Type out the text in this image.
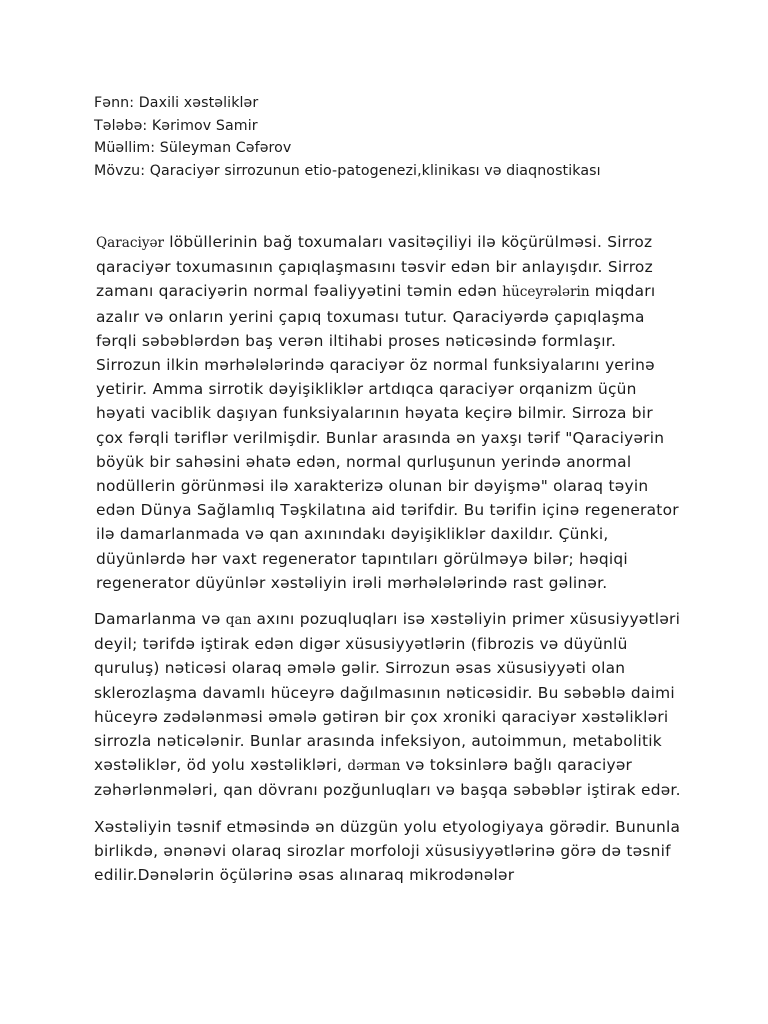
Fənn: Daxili xəstəliklər
Tələbə: Kərimov Samir
Müəllim: Süleyman Cəfərov
Mövzu: Qaraciyər sirrozunun etio-patogenezi,klinikası və diaqnostikası

Qaraciyər löbüllerinin bağ toxumaları vasitəçiliyi ilə köçürülməsi. Sirroz qaraciyər toxumasının çapıqlaşmasını təsvir edən bir anlayışdır. Sirroz zamanı qaraciyərin normal fəaliyyətini təmin edən hüceyrələrin miqdarı azalır və onların yerini çapıq toxuması tutur. Qaraciyərdə çapıqlaşma fərqli səbəblərdən baş verən iltihabi proses nəticəsində formlaşır. Sirrozun ilkin mərhələlərində qaraciyər öz normal funksiyalarını yerinə yetirir. Amma sirrotik dəyişikliklər artdıqca qaraciyər orqanizm üçün həyati vaciblik daşıyan funksiyalarının həyata keçirə bilmir. Sirroza bir çox fərqli təriflər verilmişdir. Bunlar arasında ən yaxşı tərif "Qaraciyərin böyük bir sahəsini əhatə edən, normal qurluşunun yerində anormal nodüllerin görünməsi ilə xarakterizə olunan bir dəyişmə" olaraq təyin edən Dünya Sağlamlıq Təşkilatına aid tərifdir. Bu tərifin içinə regenerator ilə damarlanmada və qan axınındakı dəyişikliklər daxildır. Çünki, düyünlərdə hər vaxt regenerator tapıntıları görülməyə bilər; həqiqi regenerator düyünlər xəstəliyin irəli mərhələlərində rast gəlinər.

Damarlanma və qan axını pozuqluqları isə xəstəliyin primer xüsusiyyətləri deyil; tərifdə iştirak edən digər xüsusiyyətlərin (fibrozis və düyünlü quruluş) nəticəsi olaraq əmələ gəlir. Sirrozun əsas xüsusiyyəti olan sklerozlaşma davamlı hüceyrə dağılmasının nəticəsidir. Bu səbəblə daimi hüceyrə zədələnməsi əmələ gətirən bir çox xroniki qaraciyər xəstəlikləri sirrozla nəticələnir. Bunlar arasında infeksiyon, autoimmun, metabolitik xəstəliklər, öd yolu xəstəlikləri, dərman və toksinlərə bağlı qaraciyər zəhərlənmələri, qan dövranı pozğunluqları və başqa səbəblər iştirak edər.

Xəstəliyin təsnif etməsində ən düzgün yolu etyologiyaya görədir. Bununla birlikdə, ənənəvi olaraq sirozlar morfoloji xüsusiyyətlərinə görə də təsnif edilir.Dənələrin öçülərinə əsas alınaraq mikrodənələr
